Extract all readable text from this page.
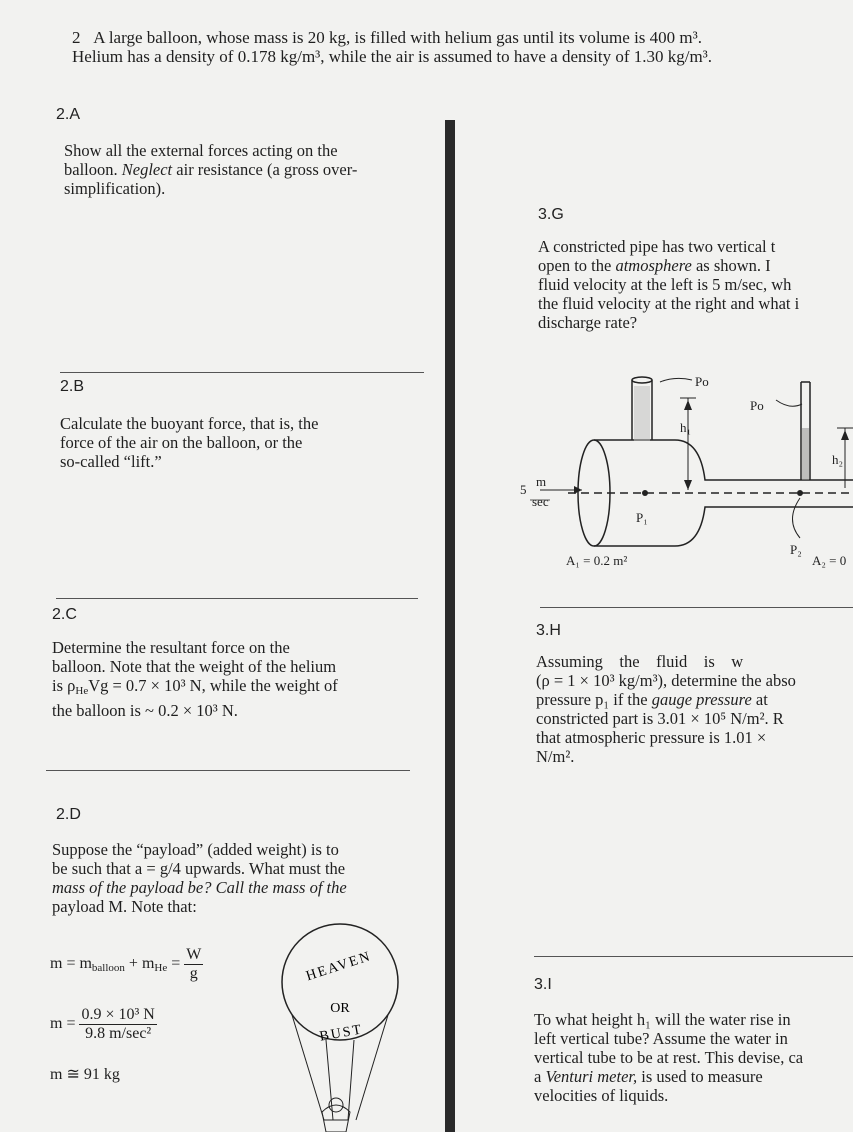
2 A large balloon, whose mass is 20 kg, is filled with helium gas until its volume is 400 m³.
Helium has a density of 0.178 kg/m³, while the air is assumed to have a density of 1.30 kg/m³.
2.A
Show all the external forces acting on the
balloon. Neglect air resistance (a gross over-
simplification).
2.B
Calculate the buoyant force, that is, the
force of the air on the balloon, or the
so-called “lift.”
2.C
Determine the resultant force on the
balloon. Note that the weight of the helium
is $\rho_{He}Vg = 0.7 \times 10^3$ N, while the weight of
the balloon is ~ 0.2 × 10³ N.
2.D
Suppose the “payload” (added weight) is to
be such that a = g/4 upwards. What must the
mass of the payload be? Call the mass of the
payload M. Note that:
$m = m_{balloon} + m_{He} = \frac{W}{g}$
$m = \frac{\text{0.9 × 10³ N}}{\text{9.8 m/sec²}}$
m ≅ 91 kg
HEAVEN
OR
BUST
3.G
A constricted pipe has two vertical t
open to the atmosphere as shown. I
fluid velocity at the left is 5 m/sec, wh
the fluid velocity at the right and what i
discharge rate?
Po
Po
h₁
h₂
5
m
sec
P₁
P₂
A₁ = 0.2 m²	A₂ = 0
3.H
Assuming    the    fluid    is    w
(ρ = 1 × 10³ kg/m³), determine the abso
pressure p₁ if the gauge pressure at
constricted part is 3.01 × 10⁵ N/m². R
that atmospheric pressure is 1.01 ×
N/m².
3.I
To what height h₁ will the water rise in
left vertical tube? Assume the water in
vertical tube to be at rest. This devise, ca
a Venturi meter, is used to measure
velocities of liquids.
